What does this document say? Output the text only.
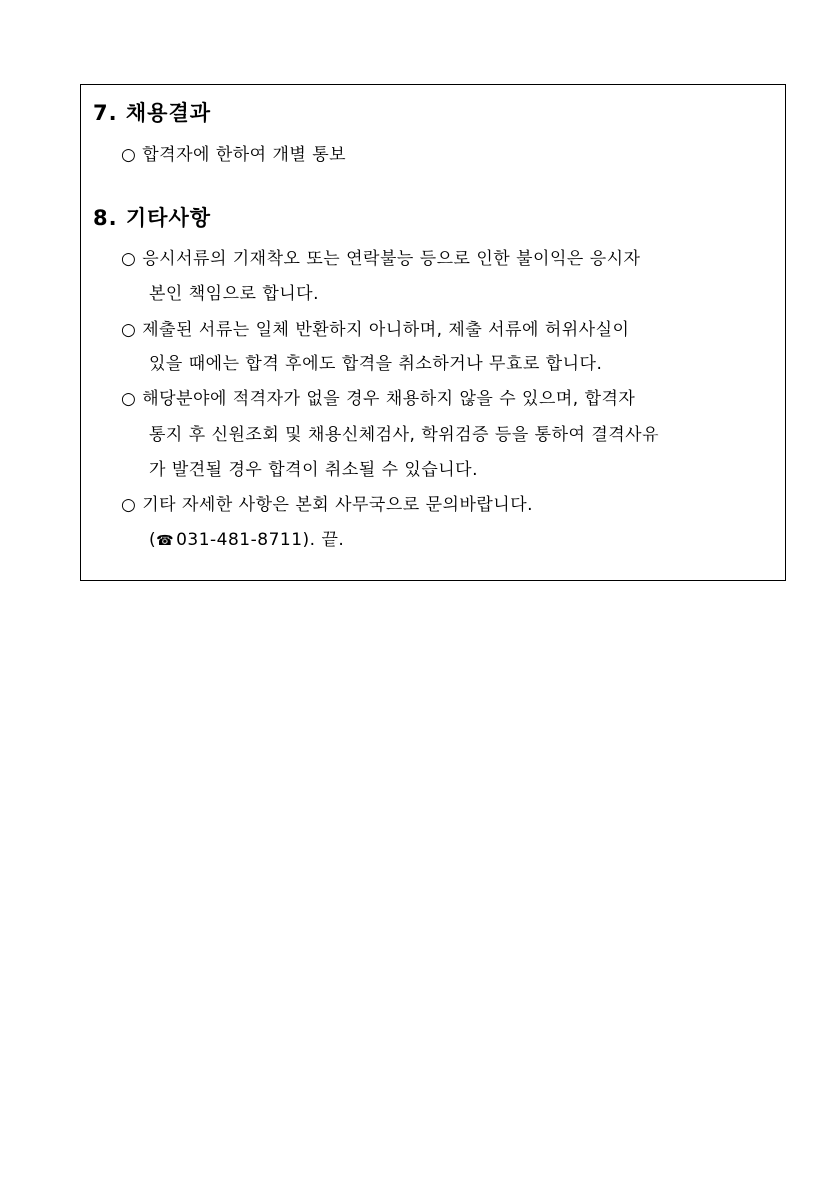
7. 채용결과
○ 합격자에 한하여 개별 통보
8. 기타사항
○ 응시서류의 기재착오 또는 연락불능 등으로 인한 불이익은 응시자
본인 책임으로 합니다.
○ 제출된 서류는 일체 반환하지 아니하며, 제출 서류에 허위사실이
있을 때에는 합격 후에도 합격을 취소하거나 무효로 합니다.
○ 해당분야에 적격자가 없을 경우 채용하지 않을 수 있으며, 합격자
통지 후 신원조회 및 채용신체검사, 학위검증 등을 통하여 결격사유
가 발견될 경우 합격이 취소될 수 있습니다.
○ 기타 자세한 사항은 본회 사무국으로 문의바랍니다.
(☎ 031-481-8711). 끝.
